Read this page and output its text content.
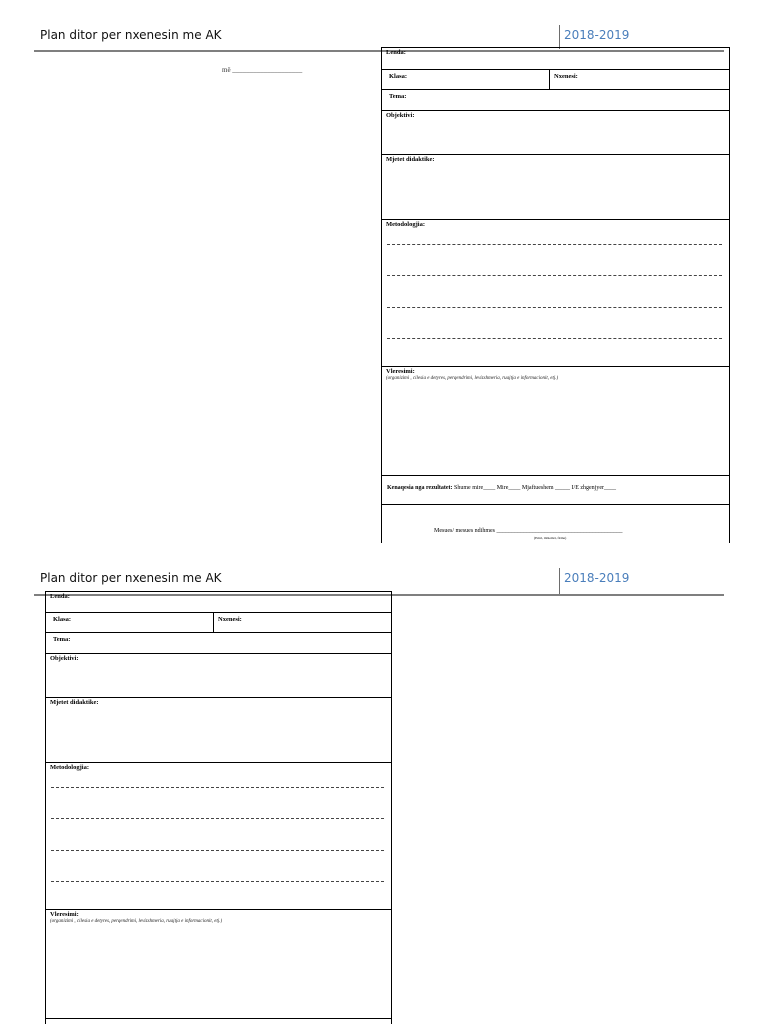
Plan ditor per nxenesin me AK	2018-2019
mё ____________________
Lenda:
Klasa:	Nxenesi:
Tema:
Objektivi:
Mjetet didaktike:
Metodologjia:
Vleresimi:
(organizimi , cilesia e detyres, perqendrimi, levizshmeria, ruajtja e informacionit, etj.)
Kenaqesia nga rezultatet: Shume mire____ Mire____ Mjaftueshem _____ I/E zhgenjyer____
Mesues/ mesues ndihmes __________________________________________
(Emri, mbiemri, firma)
Plan ditor per nxenesin me AK	2018-2019
Lenda:
Klasa:	Nxenesi:
Tema:
Objektivi:
Mjetet didaktike:
Metodologjia:
Vleresimi:
(organizimi , cilesia e detyres, perqendrimi, levizshmeria, ruajtja e informacionit, etj.)
